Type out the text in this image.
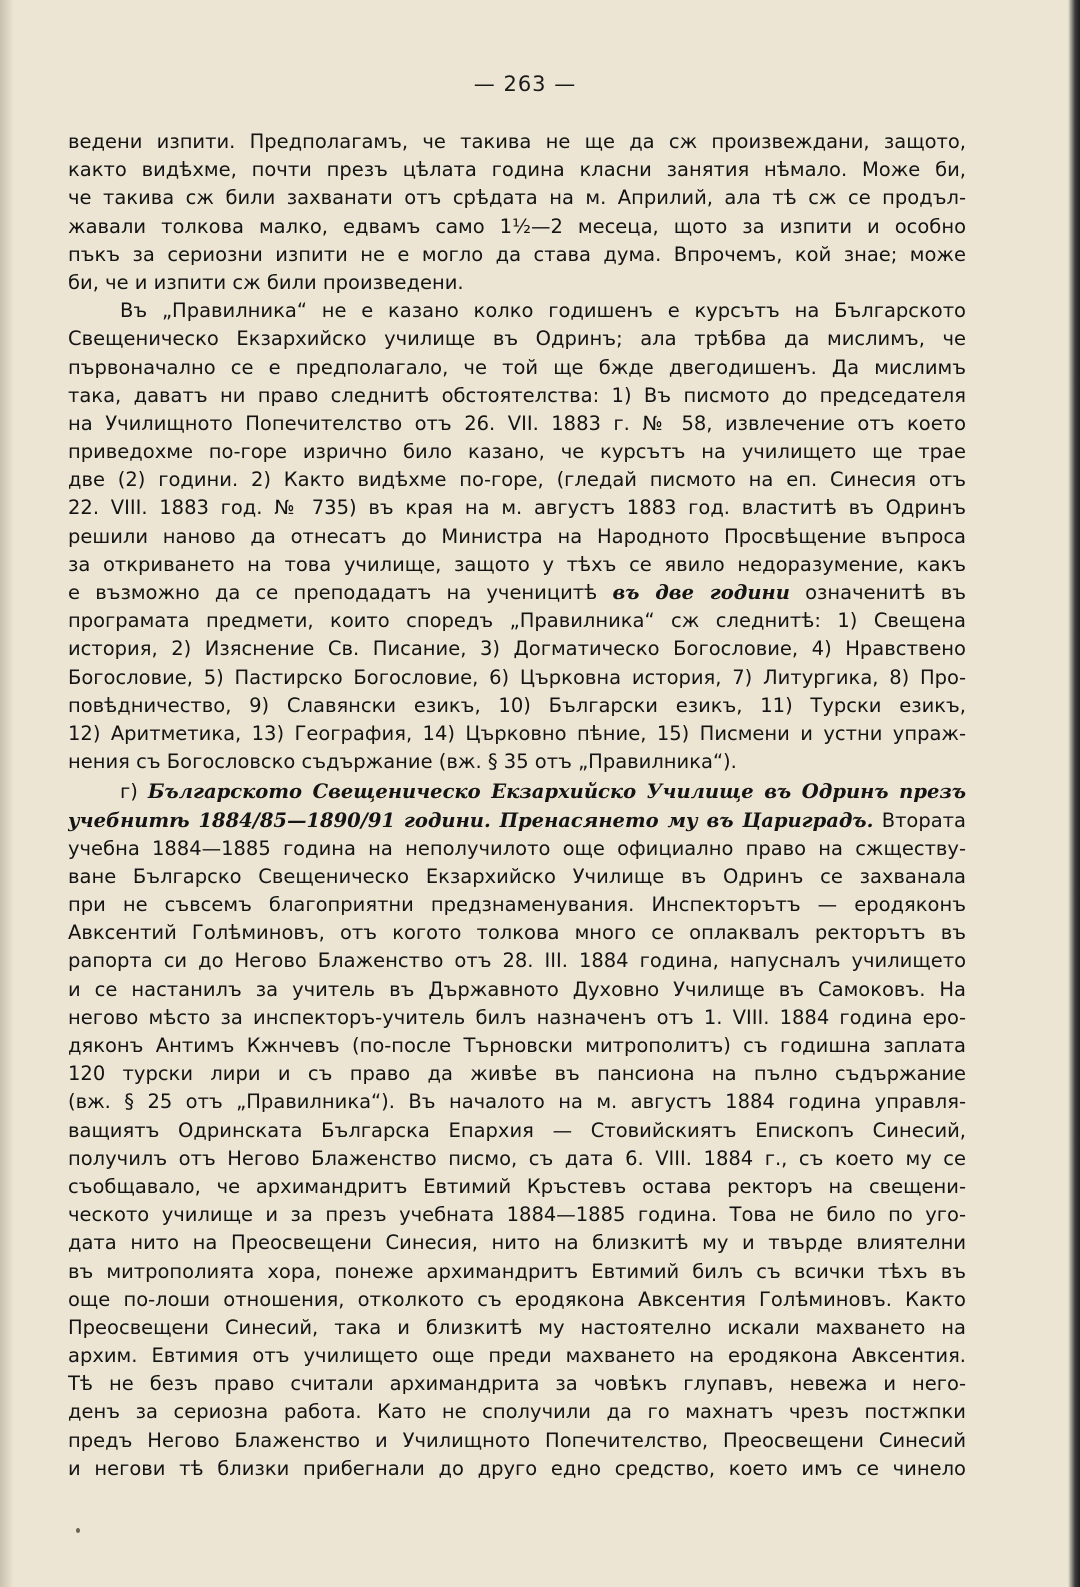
— 263 —
ведени изпити. Предполагамъ, че такива не ще да сж произвеждани, защото,
както видѣхме, почти презъ цѣлата година класни занятия нѣмало. Може би,
че такива сж били захванати отъ срѣдата на м. Априлий, ала тѣ сж се продъл-
жавали толкова малко, едвамъ само 1½—2 месеца, щото за изпити и особно
пъкъ за сериозни изпити не е могло да става дума. Впрочемъ, кой знае; може
би, че и изпити сж били произведени.
Въ „Правилника“ не е казано колко годишенъ е курсътъ на Българското
Свещеническо Екзархийско училище въ Одринъ; ала трѣбва да мислимъ, че
първоначално се е предполагало, че той ще бжде двегодишенъ. Да мислимъ
така, даватъ ни право следнитѣ обстоятелства: 1) Въ писмото до председателя
на Училищното Попечителство отъ 26. VII. 1883 г. № 58, извлечение отъ което
приведохме по-горе изрично било казано, че курсътъ на училището ще трае
две (2) години. 2) Както видѣхме по-горе, (гледай писмото на еп. Синесия отъ
22. VIII. 1883 год. № 735) въ края на м. августъ 1883 год. властитѣ въ Одринъ
решили наново да отнесатъ до Министра на Народното Просвѣщение въпроса
за откриването на това училище, защото у тѣхъ се явило недоразумение, какъ
е възможно да се преподадатъ на ученицитѣ въ две години означенитѣ въ
програмата предмети, които споредъ „Правилника“ сж следнитѣ: 1) Свещена
история, 2) Изяснение Св. Писание, 3) Догматическо Богословие, 4) Нравствено
Богословие, 5) Пастирско Богословие, 6) Църковна история, 7) Литургика, 8) Про-
повѣдничество, 9) Славянски езикъ, 10) Български езикъ, 11) Турски езикъ,
12) Аритметика, 13) География, 14) Църковно пѣние, 15) Писмени и устни упраж-
нения съ Богословско съдържание (вж. § 35 отъ „Правилника“).
г) Българското Свещеническо Екзархийско Училище въ Одринъ презъ
учебнитѣ 1884/85—1890/91 години. Пренасянето му въ Цариградъ. Втората
учебна 1884—1885 година на неполучилото още официално право на сжществу-
ване Българско Свещеническо Екзархийско Училище въ Одринъ се захванала
при не съвсемъ благоприятни предзнаменувания. Инспекторътъ — еродяконъ
Авксентий Голѣминовъ, отъ когото толкова много се оплаквалъ ректорътъ въ
рапорта си до Негово Блаженство отъ 28. III. 1884 година, напусналъ училището
и се настанилъ за учитель въ Държавното Духовно Училище въ Самоковъ. На
негово мѣсто за инспекторъ-учитель билъ назначенъ отъ 1. VIII. 1884 година еро-
дяконъ Антимъ Кжнчевъ (по-после Търновски митрополитъ) съ годишна заплата
120 турски лири и съ право да живѣе въ пансиона на пълно съдържание
(вж. § 25 отъ „Правилника“). Въ началото на м. августъ 1884 година управля-
ващиятъ Одринската Българска Епархия — Стовийскиятъ Епископъ Синесий,
получилъ отъ Негово Блаженство писмо, съ дата 6. VIII. 1884 г., съ което му се
съобщавало, че архимандритъ Евтимий Кръстевъ остава ректоръ на свещени-
ческото училище и за презъ учебната 1884—1885 година. Това не било по уго-
дата нито на Преосвещени Синесия, нито на близкитѣ му и твърде влиятелни
въ митрополията хора, понеже архимандритъ Евтимий билъ съ всички тѣхъ въ
още по-лоши отношения, отколкото съ еродякона Авксентия Голѣминовъ. Както
Преосвещени Синесий, така и близкитѣ му настоятелно искали махването на
архим. Евтимия отъ училището още преди махването на еродякона Авксентия.
Тѣ не безъ право считали архимандрита за човѣкъ глупавъ, невежа и него-
денъ за сериозна работа. Като не сполучили да го махнатъ чрезъ постжпки
предъ Негово Блаженство и Училищното Попечителство, Преосвещени Синесий
и негови тѣ близки прибегнали до друго едно средство, което имъ се чинело
